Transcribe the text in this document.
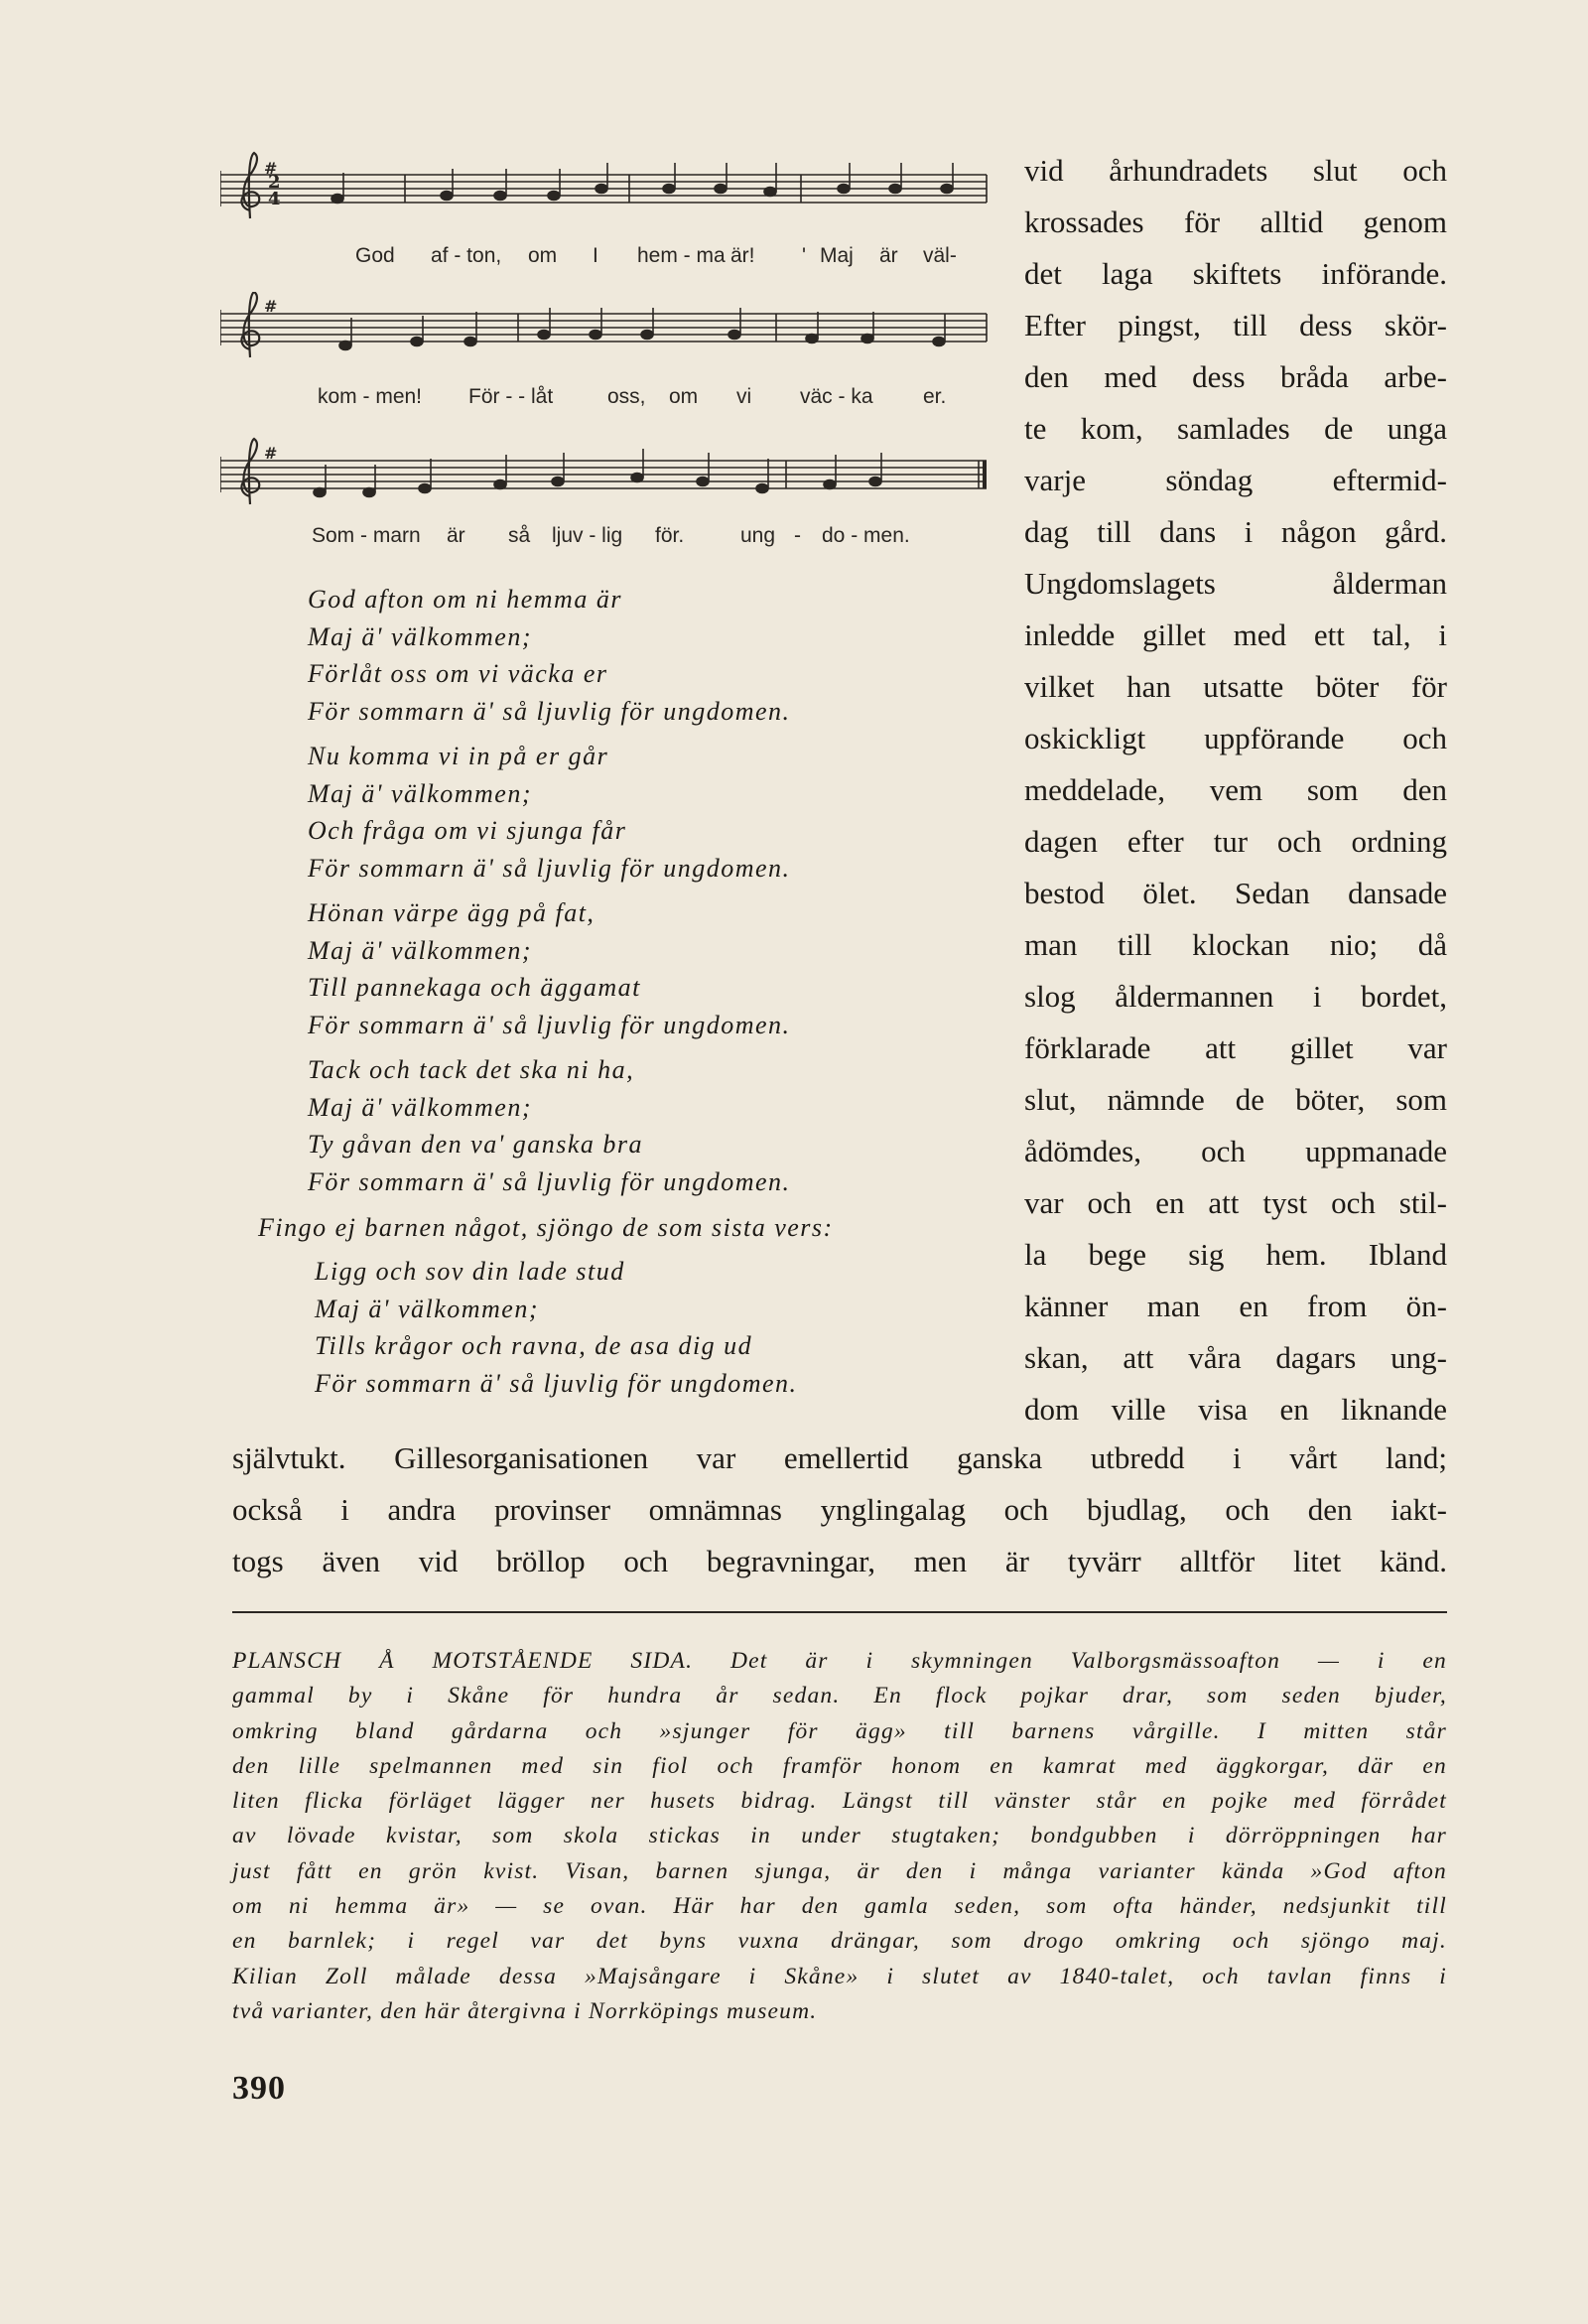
2
4
#
God af - ton, om I hem - ma är! ' Maj är väl-
#
kom - men! För - - låt	oss, om vi väc - ka er.
#
Som - marn är så ljuv - lig för.	ung - do - men.
vid århundradets slut och
krossades för alltid genom
det laga skiftets införande.
Efter pingst, till dess skör-
den med dess bråda arbe-
te kom, samlades de unga
varje söndag eftermid-
dag till dans i någon gård.
Ungdomslagets ålderman
inledde gillet med ett tal, i
vilket han utsatte böter för
oskickligt uppförande och
meddelade, vem som den
dagen efter tur och ordning
bestod ölet. Sedan dansade
man till klockan nio; då
slog åldermannen i bordet,
förklarade att gillet var
slut, nämnde de böter, som
ådömdes, och uppmanade
var och en att tyst och stil-
la bege sig hem. Ibland
känner man en from ön-
skan, att våra dagars ung-
dom ville visa en liknande
God afton om ni hemma är
Maj ä' välkommen;
Förlåt oss om vi väcka er
För sommarn ä' så ljuvlig för ungdomen.
Nu komma vi in på er går
Maj ä' välkommen;
Och fråga om vi sjunga får
För sommarn ä' så ljuvlig för ungdomen.
Hönan värpe ägg på fat,
Maj ä' välkommen;
Till pannekaga och äggamat
För sommarn ä' så ljuvlig för ungdomen.
Tack och tack det ska ni ha,
Maj ä' välkommen;
Ty gåvan den va' ganska bra
För sommarn ä' så ljuvlig för ungdomen.
Fingo ej barnen något, sjöngo de som sista vers:
Ligg och sov din lade stud
Maj ä' välkommen;
Tills krågor och ravna, de asa dig ud
För sommarn ä' så ljuvlig för ungdomen.
självtukt. Gillesorganisationen var emellertid ganska utbredd i vårt land;
också i andra provinser omnämnas ynglingalag och bjudlag, och den iakt-
togs även vid bröllop och begravningar, men är tyvärr alltför litet känd.
PLANSCH Å MOTSTÅENDE SIDA. Det är i skymningen Valborgsmässoafton — i en
gammal by i Skåne för hundra år sedan. En flock pojkar drar, som seden bjuder,
omkring bland gårdarna och »sjunger för ägg» till barnens vårgille. I mitten står
den lille spelmannen med sin fiol och framför honom en kamrat med äggkorgar, där en
liten flicka förläget lägger ner husets bidrag. Längst till vänster står en pojke med förrådet
av lövade kvistar, som skola stickas in under stugtaken; bondgubben i dörröppningen har
just fått en grön kvist. Visan, barnen sjunga, är den i många varianter kända »God afton
om ni hemma är» — se ovan. Här har den gamla seden, som ofta händer, nedsjunkit till
en barnlek; i regel var det byns vuxna drängar, som drogo omkring och sjöngo maj.
Kilian Zoll målade dessa »Majsångare i Skåne» i slutet av 1840-talet, och tavlan finns i
två varianter, den här återgivna i Norrköpings museum.
390
